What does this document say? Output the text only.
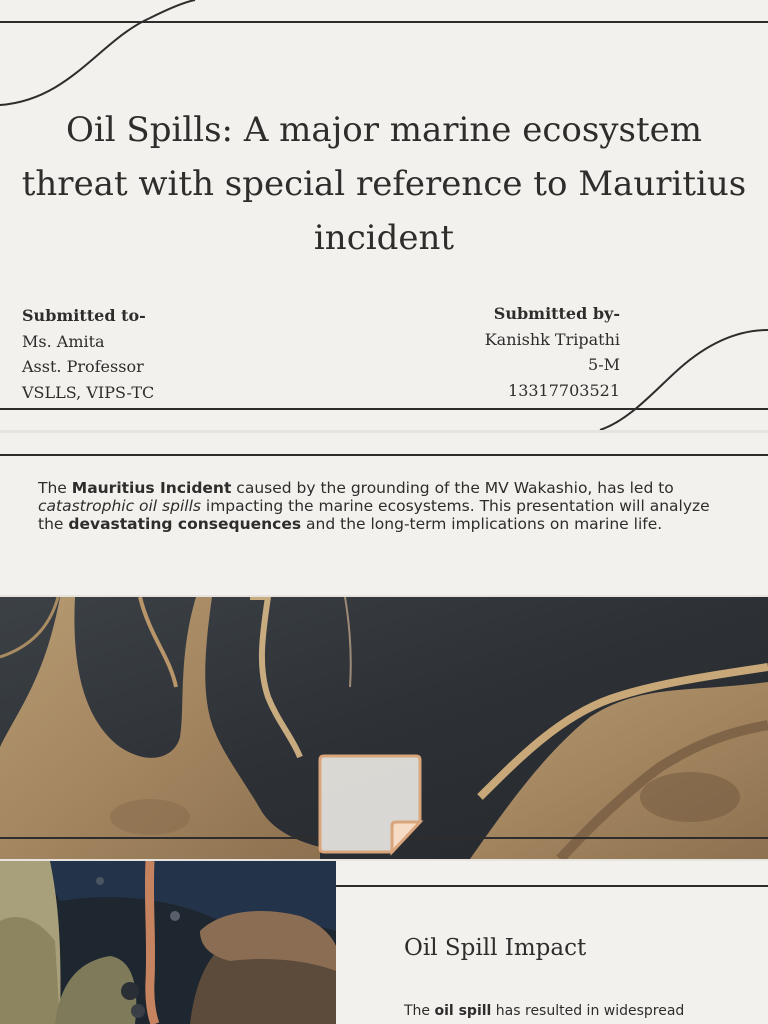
Oil Spills: A major marine ecosystem threat with special reference to Mauritius incident
Submitted to-
Ms. Amita
Asst. Professor
VSLLS, VIPS-TC
Submitted by-
Kanishk Tripathi
5-M
13317703521

The Mauritius Incident caused by the grounding of the MV Wakashio, has led to catastrophic oil spills impacting the marine ecosystems. This presentation will analyze the devastating consequences and the long-term implications on marine life.

Oil Spill Impact

The oil spill has resulted in widespread
